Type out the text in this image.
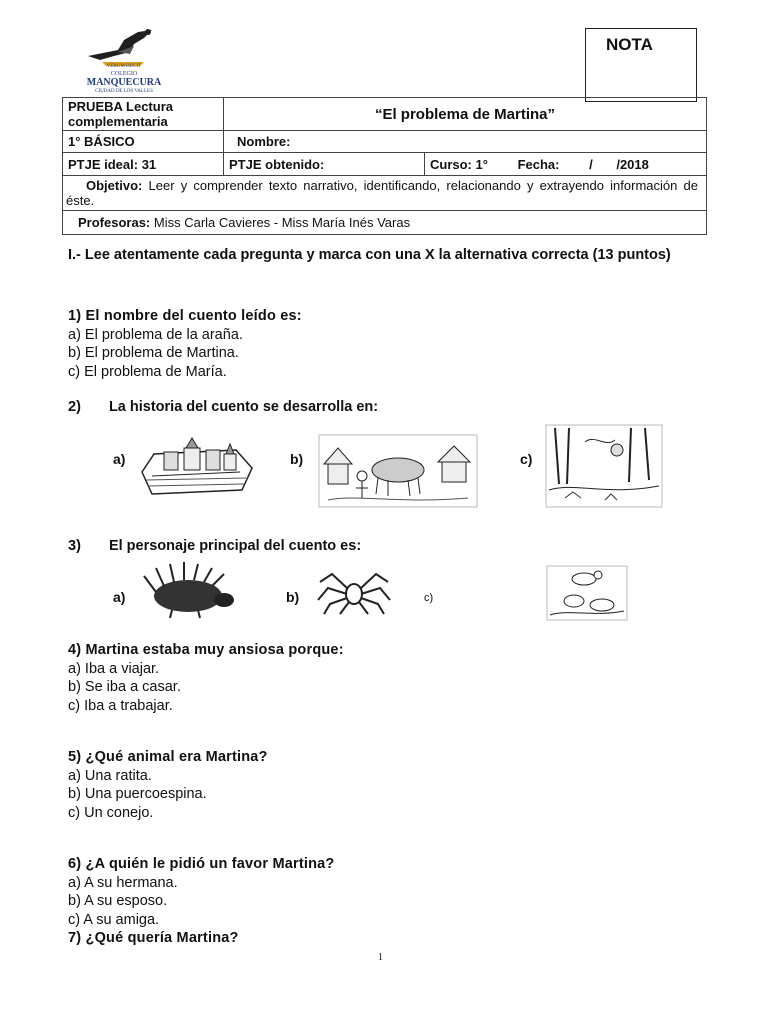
VERUM DUCIT
COLEGIO
MANQUECURA
CIUDAD DE LOS VALLES
NOTA
PRUEBA Lectura complementaria	“El problema de Martina”	
1° BÁSICO	Nombre:	
PTJE ideal: 31	PTJE obtenido:	Curso: 1° Fecha: / /2018
Objetivo: Leer y comprender texto narrativo, identificando, relacionando y extrayendo información de éste.		
Profesoras: Miss Carla Cavieres - Miss María Inés Varas		
I.- Lee atentamente cada pregunta y marca con una X la alternativa correcta (13 puntos)
1) El nombre del cuento leído es:
a) El problema de la araña.
b) El problema de Martina.
c) El problema de María.
2) La historia del cuento se desarrolla en:
a)	b)	c)
3) El personaje principal del cuento es:
a)	b)	c)
4) Martina estaba muy ansiosa porque:
a) Iba a viajar.
b) Se iba a casar.
c) Iba a trabajar.
5) ¿Qué animal era Martina?
a) Una ratita.
b) Una puercoespina.
c) Un conejo.
6) ¿A quién le pidió un favor Martina?
a) A su hermana.
b) A su esposo.
c) A su amiga.
7) ¿Qué quería Martina?
1
